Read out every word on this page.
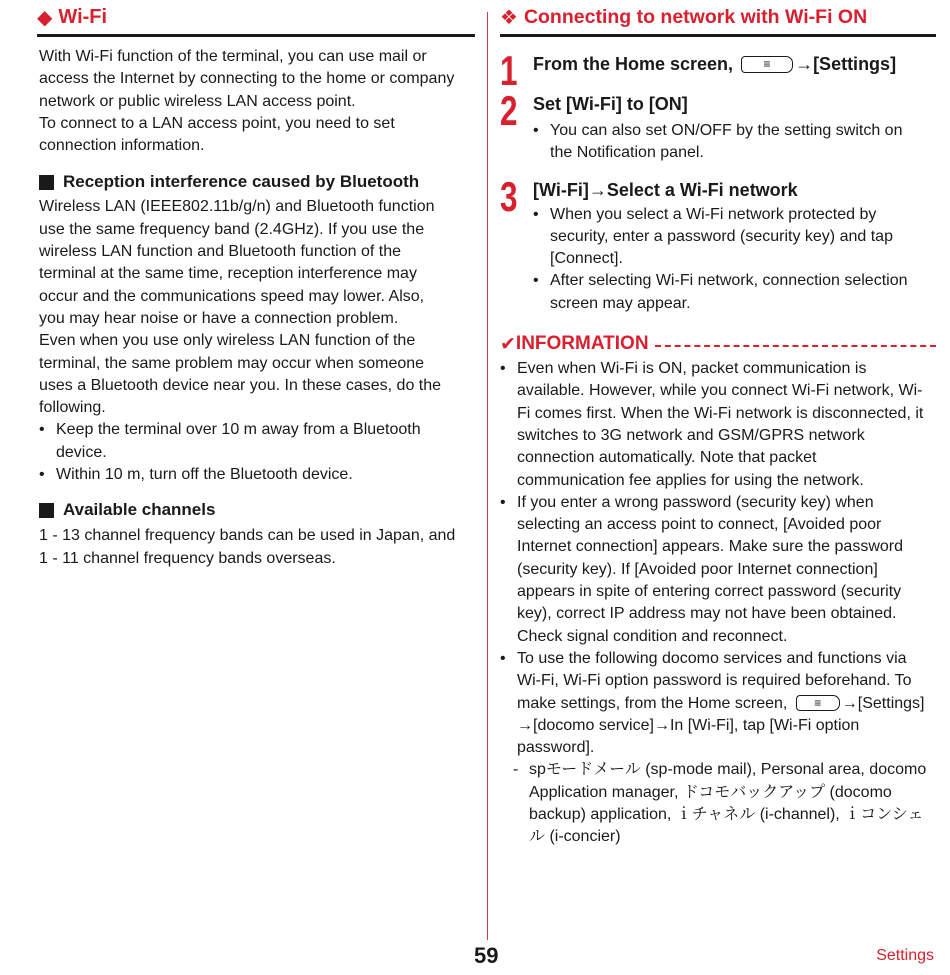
◆ Wi-Fi

With Wi-Fi function of the terminal, you can use mail or

access the Internet by connecting to the home or company

network or public wireless LAN access point.

To connect to a LAN access point, you need to set

connection information.

Reception interference caused by Bluetooth

Wireless LAN (IEEE802.11b/g/n) and Bluetooth function

use the same frequency band (2.4GHz). If you use the

wireless LAN function and Bluetooth function of the

terminal at the same time, reception interference may

occur and the communications speed may lower. Also,

you may hear noise or have a connection problem.

Even when you use only wireless LAN function of the

terminal, the same problem may occur when someone

uses a Bluetooth device near you. In these cases, do the

following.

• Keep the terminal over 10 m away from a Bluetooth
device.
• Within 10 m, turn off the Bluetooth device.
Available channels

1 - 13 channel frequency bands can be used in Japan, and

1 - 11 channel frequency bands overseas.

❖ Connecting to network with Wi-Fi ON
1 From the Home screen,	≡ → [Settings]
2 Set [Wi-Fi] to [ON]
• You can also set ON/OFF by the setting switch on
the Notification panel.
3 [Wi-Fi] → Select a Wi-Fi network
• When you select a Wi-Fi network protected by
security, enter a password (security key) and tap
[Connect].
• After selecting Wi-Fi network, connection selection
screen may appear.
✔ INFORMATION
• Even when Wi-Fi is ON, packet communication is
available. However, while you connect Wi-Fi network, Wi-
Fi comes first. When the Wi-Fi network is disconnected, it
switches to 3G network and GSM/GPRS network
connection automatically. Note that packet
communication fee applies for using the network.
• If you enter a wrong password (security key) when
selecting an access point to connect, [Avoided poor
Internet connection] appears. Make sure the password
(security key). If [Avoided poor Internet connection]
appears in spite of entering correct password (security
key), correct IP address may not have been obtained.
Check signal condition and reconnect.
• To use the following docomo services and functions via
Wi-Fi, Wi-Fi option password is required beforehand. To
make settings, from the Home screen, ≡ →[Settings]
→[docomo service]→In [Wi-Fi], tap [Wi-Fi option
password].
- spモードメール (sp-mode mail), Personal area, docomo
Application manager, ドコモバックアップ (docomo
backup) application, ｉチャネル (i-channel), ｉコンシェ
ル (i-concier)
59	Settings
